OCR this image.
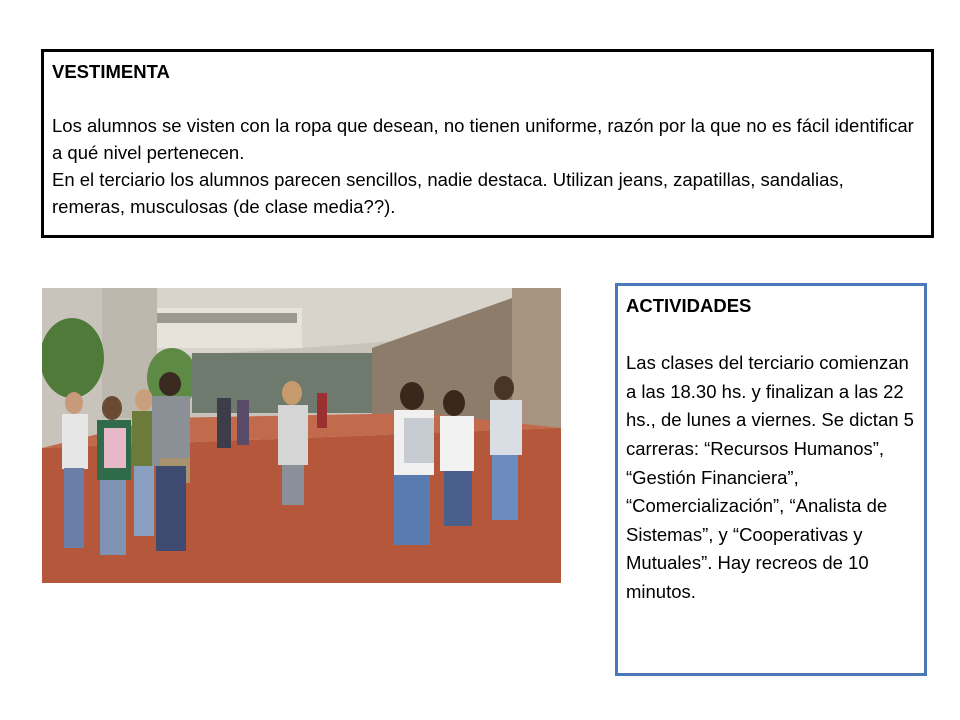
VESTIMENTA

Los alumnos se visten con la ropa que desean, no tienen uniforme, razón por la que no es fácil identificar a qué nivel pertenecen.

En el terciario los alumnos parecen sencillos, nadie destaca. Utilizan jeans, zapatillas, sandalias, remeras, musculosas (de clase media??).

ACTIVIDADES

Las clases del terciario comienzan a las 18.30 hs. y finalizan a las 22 hs., de lunes a viernes. Se dictan 5 carreras: “Recursos Humanos”, “Gestión Financiera”, “Comercialización”, “Analista de Sistemas”, y “Cooperativas y Mutuales”. Hay recreos de 10 minutos.
